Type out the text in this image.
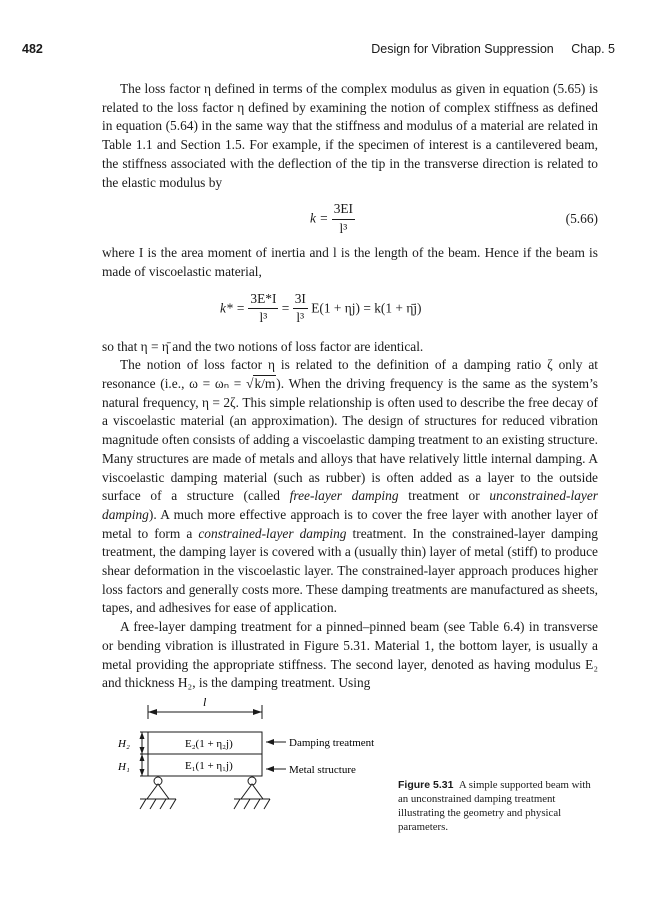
482	Design for Vibration Suppression Chap. 5

The loss factor η defined in terms of the complex modulus as given in equation (5.65) is related to the loss factor η defined by examining the notion of complex stiffness as defined in equation (5.64) in the same way that the stiffness and modulus of a material are related in Table 1.1 and Section 1.5. For example, if the specimen of interest is a cantilevered beam, the stiffness associated with the deflection of the tip in the transverse direction is related to the elastic modulus by

$k = \frac{3EI}{\text{l³}}$	(5.66)

where I is the area moment of inertia and l is the length of the beam. Hence if the beam is made of viscoelastic material,

$k* = \frac{3E*I}{\text{l³}} = \frac{3I}{\text{l³}} E(1 + \eta j) = k(1$ + η̄j)

so that η = η̄ and the two notions of loss factor are identical.

The notion of loss factor η is related to the definition of a damping ratio ζ only at resonance (i.e., ω = ωₙ = √k/m). When the driving frequency is the same as the system’s natural frequency, η = 2ζ. This simple relationship is often used to describe the free decay of a viscoelastic material (an approximation). The design of structures for reduced vibration magnitude often consists of adding a viscoelastic damping treatment to an existing structure. Many structures are made of metals and alloys that have relatively little internal damping. A viscoelastic damping material (such as rubber) is often added as a layer to the outside surface of a structure (called free-layer damping treatment or unconstrained-layer damping). A much more effective approach is to cover the free layer with another layer of metal to form a constrained-layer damping treatment. In the constrained-layer damping treatment, the damping layer is covered with a (usually thin) layer of metal (stiff) to produce shear deformation in the viscoelastic layer. The constrained-layer approach produces higher loss factors and generally costs more. These damping treatments are manufactured as sheets, tapes, and adhesives for ease of application.

A free-layer damping treatment for a pinned–pinned beam (see Table 6.4) in transverse or bending vibration is illustrated in Figure 5.31. Material 1, the bottom layer, is usually a metal providing the appropriate stiffness. The second layer, denoted as having modulus E₂ and thickness H₂, is the damping treatment. Using

l
E₂(1 + η₂j)
E₁(1 + η₁j)
H₂
H₁
Damping treatment
Metal structure
Figure 5.31 A simple supported beam with an unconstrained damping treatment illustrating the geometry and physical parameters.
